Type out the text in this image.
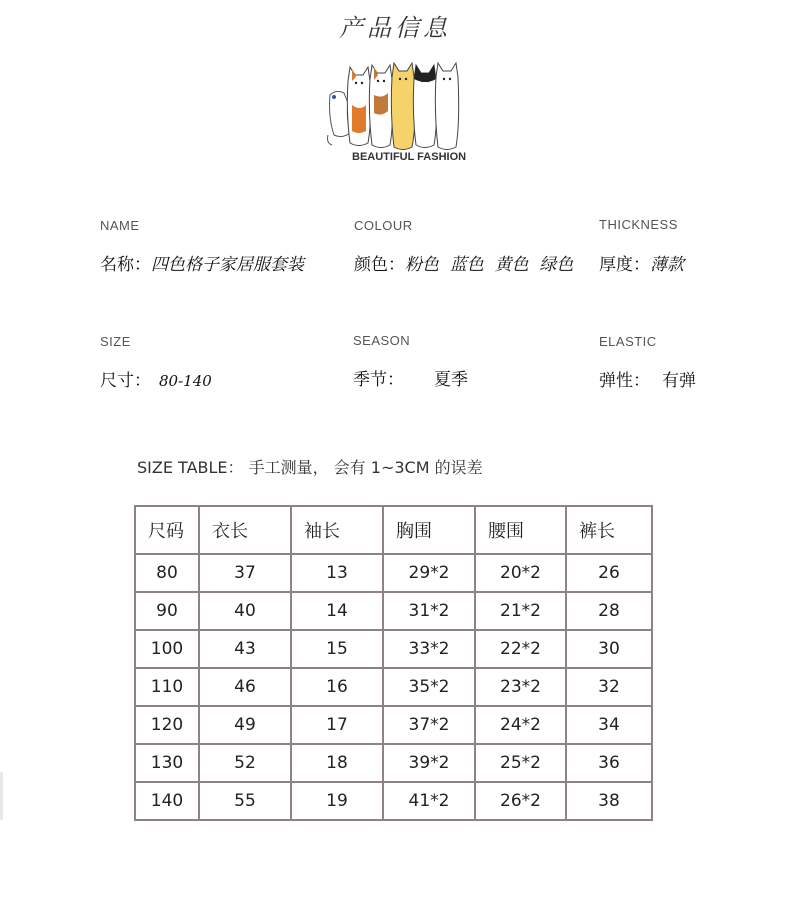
产品信息
BEAUTIFUL FASHION
NAME
名称：四色格子家居服套装
COLOUR
颜色：粉色  蓝色  黄色  绿色
THICKNESS
厚度：薄款
SIZE
尺寸： 80-140
SEASON
季节： 夏季
ELASTIC
弹性： 有弹
SIZE TABLE： 手工测量， 会有 1~3CM 的误差
尺码	衣长	袖长	胸围	腰围	裤长
80	37	13	29*2	20*2	26
90	40	14	31*2	21*2	28
100	43	15	33*2	22*2	30
110	46	16	35*2	23*2	32
120	49	17	37*2	24*2	34
130	52	18	39*2	25*2	36
140	55	19	41*2	26*2	38
